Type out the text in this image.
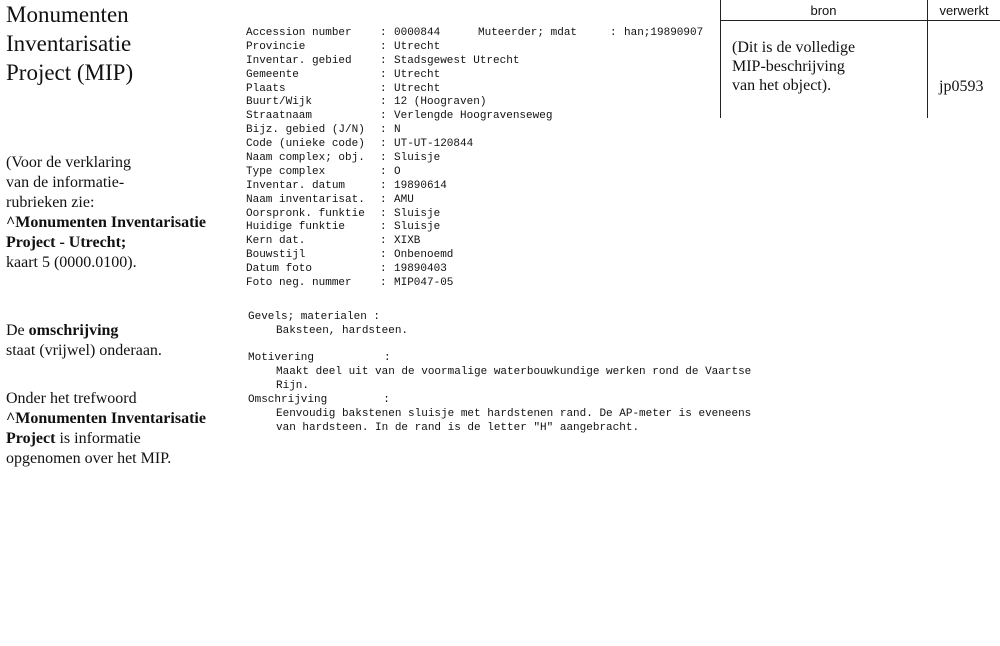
Monumenten
Inventarisatie
Project (MIP)
(Voor de verklaring
van de informatie-
rubrieken zie:
^Monumenten Inventarisatie
Project - Utrecht;
kaart 5 (0000.0100).
De omschrijving
staat (vrijwel) onderaan.
Onder het trefwoord
^Monumenten Inventarisatie
Project is informatie
opgenomen over het MIP.
Accession number	: 0000844	Muteerder; mdat	: han;19890907
Provincie	: Utrecht
Inventar. gebied	: Stadsgewest Utrecht
Gemeente	: Utrecht
Plaats	: Utrecht
Buurt/Wijk	: 12 (Hoograven)
Straatnaam	: Verlengde Hoogravenseweg
Bijz. gebied (J/N)	: N
Code (unieke code)	: UT-UT-120844
Naam complex; obj.	: Sluisje
Type complex	: O
Inventar. datum	: 19890614
Naam inventarisat.	: AMU
Oorspronk. funktie	: Sluisje
Huidige funktie	: Sluisje
Kern dat.	: XIXB
Bouwstijl	: Onbenoemd
Datum foto	: 19890403
Foto neg. nummer	: MIP047-05
Gevels; materialen :
Baksteen, hardsteen.
Motivering	:
Maakt deel uit van de voormalige waterbouwkundige werken rond de Vaartse
Rijn.
Omschrijving	:
Eenvoudig bakstenen sluisje met hardstenen rand. De AP-meter is eveneens
van hardsteen. In de rand is de letter "H" aangebracht.
bron	verwerkt
(Dit is de volledige
MIP-beschrijving
van het object).	jp0593
